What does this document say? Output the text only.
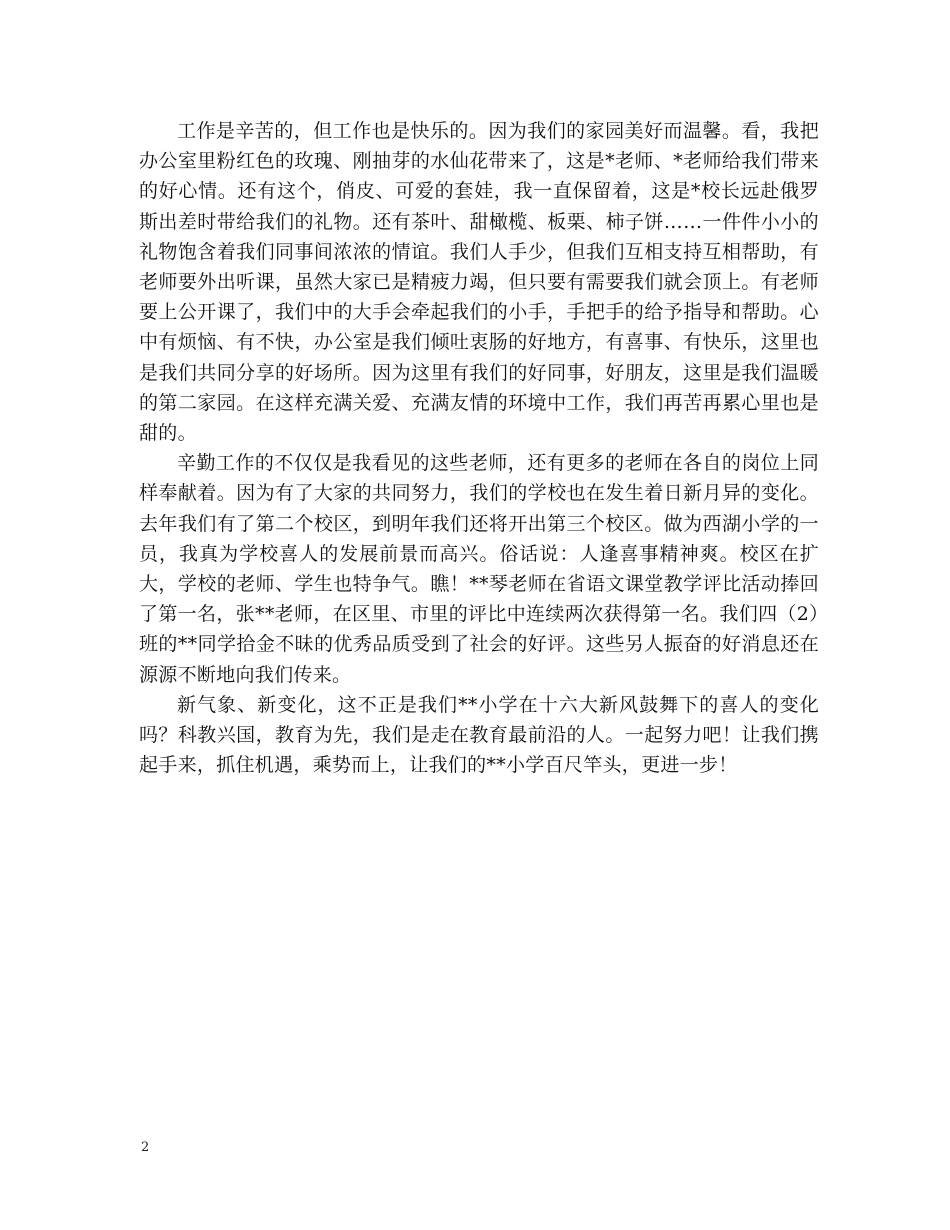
工作是辛苦的，但工作也是快乐的。因为我们的家园美好而温馨。看，我把办公室里粉红色的玫瑰、刚抽芽的水仙花带来了，这是*老师、*老师给我们带来的好心情。还有这个，俏皮、可爱的套娃，我一直保留着，这是*校长远赴俄罗斯出差时带给我们的礼物。还有茶叶、甜橄榄、板栗、柿子饼……一件件小小的礼物饱含着我们同事间浓浓的情谊。我们人手少，但我们互相支持互相帮助，有老师要外出听课，虽然大家已是精疲力竭，但只要有需要我们就会顶上。有老师要上公开课了，我们中的大手会牵起我们的小手，手把手的给予指导和帮助。心中有烦恼、有不快，办公室是我们倾吐衷肠的好地方，有喜事、有快乐，这里也是我们共同分享的好场所。因为这里有我们的好同事，好朋友，这里是我们温暖的第二家园。在这样充满关爱、充满友情的环境中工作，我们再苦再累心里也是甜的。

辛勤工作的不仅仅是我看见的这些老师，还有更多的老师在各自的岗位上同样奉献着。因为有了大家的共同努力，我们的学校也在发生着日新月异的变化。去年我们有了第二个校区，到明年我们还将开出第三个校区。做为西湖小学的一员，我真为学校喜人的发展前景而高兴。俗话说：人逢喜事精神爽。校区在扩大，学校的老师、学生也特争气。瞧！**琴老师在省语文课堂教学评比活动捧回了第一名，张**老师，在区里、市里的评比中连续两次获得第一名。我们四（2）班的**同学拾金不昧的优秀品质受到了社会的好评。这些另人振奋的好消息还在源源不断地向我们传来。

新气象、新变化，这不正是我们**小学在十六大新风鼓舞下的喜人的变化吗？科教兴国，教育为先，我们是走在教育最前沿的人。一起努力吧！让我们携起手来，抓住机遇，乘势而上，让我们的**小学百尺竿头，更进一步！

2
